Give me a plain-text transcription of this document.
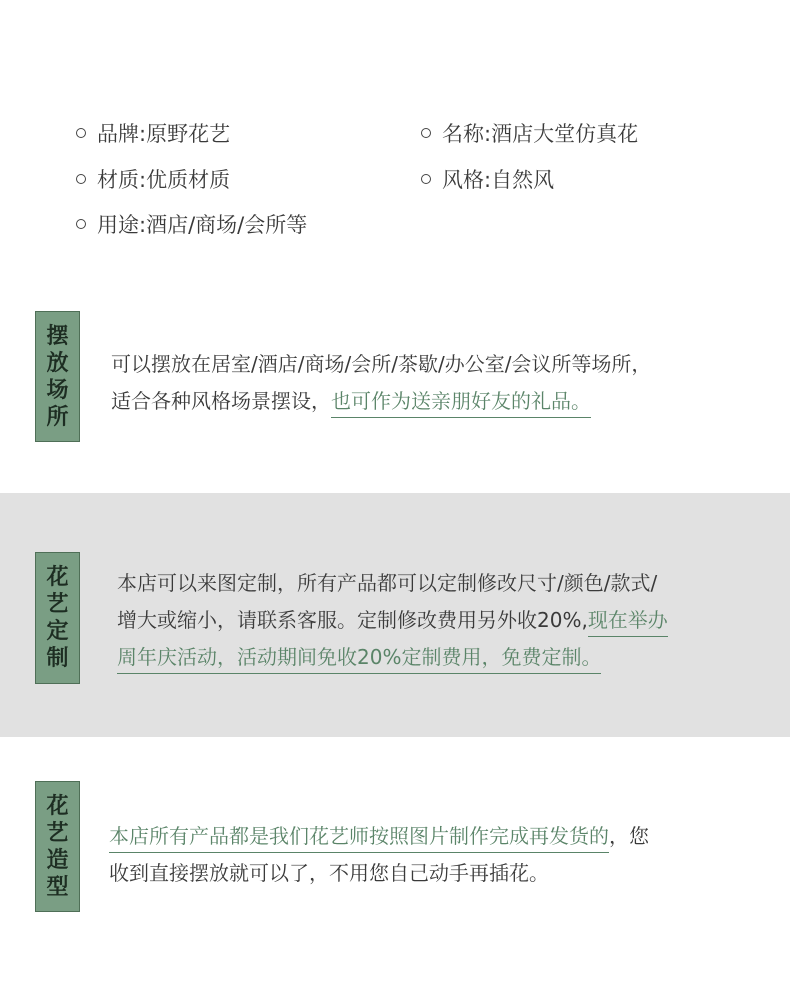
品牌:原野花艺	名称:酒店大堂仿真花
材质:优质材质	风格:自然风
用途:酒店/商场/会所等
摆
放
场
所
可以摆放在居室/酒店/商场/会所/茶歇/办公室/会议所等场所，
适合各种风格场景摆设，也可作为送亲朋好友的礼品。
花
艺
定
制
本店可以来图定制，所有产品都可以定制修改尺寸/颜色/款式/
增大或缩小，请联系客服。定制修改费用另外收20%,现在举办
周年庆活动，活动期间免收20%定制费用，免费定制。
花
艺
造
型
本店所有产品都是我们花艺师按照图片制作完成再发货的，您
收到直接摆放就可以了，不用您自己动手再插花。
